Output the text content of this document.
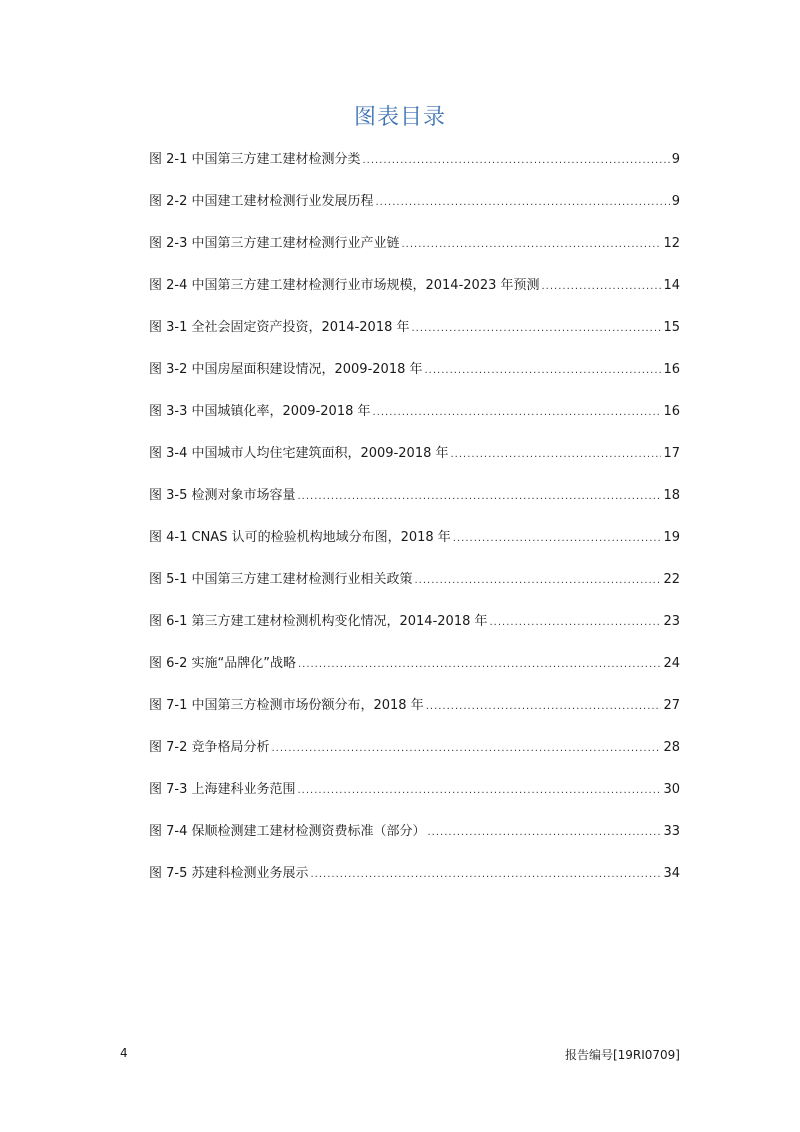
图表目录
图 2-1 中国第三方建工建材检测分类 .....	9
图 2-2 中国建工建材检测行业发展历程 .....	9
图 2-3 中国第三方建工建材检测行业产业链 .....	12
图 2-4 中国第三方建工建材检测行业市场规模，2014-2023 年预测 .....	14
图 3-1 全社会固定资产投资，2014-2018 年 .....	15
图 3-2 中国房屋面积建设情况，2009-2018 年 .....	16
图 3-3 中国城镇化率，2009-2018 年 .....	16
图 3-4 中国城市人均住宅建筑面积，2009-2018 年 .....	17
图 3-5 检测对象市场容量 .....	18
图 4-1 CNAS 认可的检验机构地域分布图，2018 年 .....	19
图 5-1 中国第三方建工建材检测行业相关政策 .....	22
图 6-1 第三方建工建材检测机构变化情况，2014-2018 年 .....	23
图 6-2 实施“品牌化”战略 .....	24
图 7-1 中国第三方检测市场份额分布，2018 年 .....	27
图 7-2 竞争格局分析 .....	28
图 7-3 上海建科业务范围 .....	30
图 7-4 保顺检测建工建材检测资费标准（部分） .....	33
图 7-5 苏建科检测业务展示 .....	34
4	报告编号[19RI0709]
